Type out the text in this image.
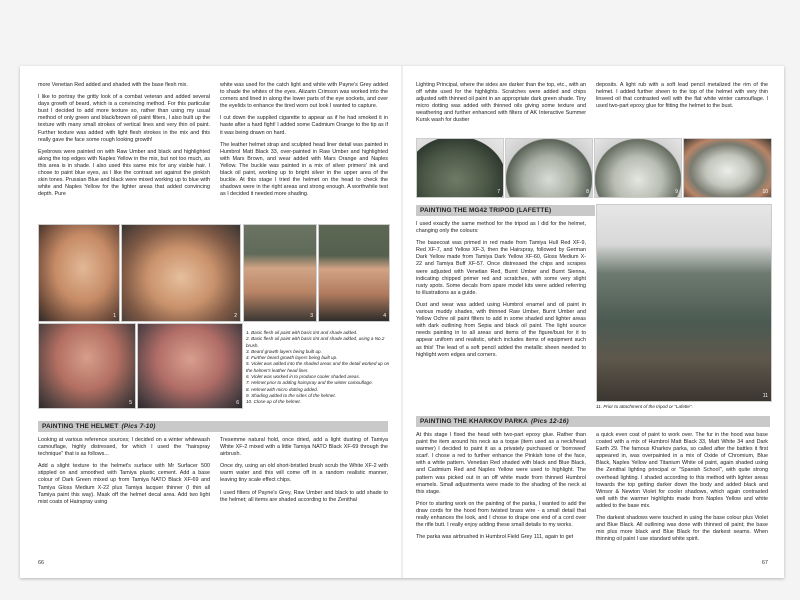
more Venetian Red added and shaded with the base flesh mix.

I like to portray the gritty look of a combat veteran and added several days growth of beard, which is a convincing method. For this particular bust I decided to add more texture so, rather than using my usual method of only green and black/brown oil paint filters, I also built up the texture with many small strokes of vertical lines and very thin oil paint. Further texture was added with light flesh strokes in the mix and this really gave the face some rough looking growth!

Eyebrows were painted on with Raw Umber and black and highlighted along the top edges with Naples Yellow in the mix, but not too much, as this area is in shade. I also used this same mix for any visible hair. I chose to paint blue eyes, as I like the contrast set against the pinkish skin tones. Prussian Blue and black were mixed working up to blue with white and Naples Yellow for the lighter areas that added convincing depth. Pure

white was used for the catch light and white with Payne's Grey added to shade the whites of the eyes. Alizarin Crimson was worked into the corners and lined in along the lower parts of the eye sockets, and over the eyelids to enhance the tired worn out look I wanted to capture.

I cut down the supplied cigarette to appear as if he had smoked it in haste after a hard fight! I added some Cadmium Orange to the tip as if it was being drawn on hard.

The leather helmet strap and sculpted head liner detail was painted in Humbrol Matt Black 33, over-painted in Raw Umber and highlighted with Mars Brown, and wear added with Mars Orange and Naples Yellow. The buckle was painted in a mix of silver primers' ink and black oil paint, working up to bright silver in the upper area of the buckle. At this stage I tried the helmet on the head to check the shadows were in the right areas and strong enough. A worthwhile test as I decided it needed more shading.

1	2	3	4
5	6
1. Basic flesh oil paint with basic tint and shade added.
2. Basic flesh oil paint with basic tint and shade added, using a No.2 brush.
3. Beard growth layers being built up.
4. Further beard growth layers being built up.
5. Violet was added into the shaded areas and the detail worked up on the helmet's leather head liner.
6. Violet was worked in to produce cooler shaded areas.
7. Helmet prior to adding hairspray and the winter camouflage.
8. Helmet with micro dotting added.
9. Shading added to the sides of the helmet.
10. Close up of the helmet.
PAINTING THE HELMET (Pics 7-10)

Looking at various reference sources; I decided on a winter whitewash camouflage, highly distressed, for which I used the "hairspray technique" that is as follows...

Add a slight texture to the helmet's surface with Mr Surfacer 500 stippled on and smoothed with Tamiya plastic cement. Add a base colour of Dark Green mixed up from Tamiya NATO Black XF-69 and Tamiya Gloss Medium X-22 plus Tamiya lacquer thinner (I thin all Tamiya paint this way). Mask off the helmet decal area. Add two light mist coats of Hairspray using

Tresemme natural hold, once dried, add a light dusting of Tamiya White XF-2 mixed with a little Tamiya NATO Black XF-69 through the airbrush.

Once dry, using an old short-bristled brush scrub the White XF-2 with warm water and this will come off in a random realistic manner, leaving tiny scale effect chips.

I used filters of Payne's Grey, Raw Umber and black to add shade to the helmet; all items are shaded according to the Zenithal

66

Lighting Principal, where the sides are darker than the top, etc., with an off white used for the highlights. Scratches were added and chips adjusted with thinned oil paint in an appropriate dark green shade. Tiny micro dotting was added with thinned oils giving some texture and weathering and further enhanced with filters of AK Interactive Summer Kursk wash for dustier

deposits. A light rub with a soft lead pencil metalized the rim of the helmet. I added further sheen to the top of the helmet with very thin linseed oil that contrasted well with the flat white winter camouflage. I used two-part epoxy glue for fitting the helmet to the bust.

7	8	9	10
PAINTING THE MG42 TRIPOD (LAFETTE)

I used exactly the same method for the tripod as I did for the helmet, changing only the colours:

The basecoat was primed in red made from Tamiya Hull Red XF-9, Red XF-7, and Yellow XF-3, then the Hairspray, followed by German Dark Yellow made from Tamiya Dark Yellow XF-60, Gloss Medium X-22 and Tamiya Buff XF-57. Once distressed the chips and scrapes were adjusted with Venetian Red, Burnt Umber and Burnt Sienna, indicating chipped primer red and scratches, with some very slight rusty spots. Some decals from spare model kits were added referring to illustrations as a guide.

Dust and wear was added using Humbrol enamel and oil paint in various muddy shades, with thinned Raw Umber, Burnt Umber and Yellow Ochre oil paint filters to add in some shaded and lighter areas with dark outlining from Sepia and black oil paint. The light source needs painting in to all areas and items of the figure/bust for it to appear uniform and realistic, which includes items of equipment such as this! The lead of a soft pencil added the metallic sheen needed to highlight worn edges and corners.

11
11. Prior to attachment of the tripod or "Lafette".
PAINTING THE KHARKOV PARKA (Pics 12-16)

At this stage I fixed the head with two-part epoxy glue. Rather than paint the item around his neck as a toque (item used as a neck/head warmer) I decided to paint it as a privately purchased or 'borrowed' scarf. I chose a red to further enhance the Pinkish tone of the face, with a white pattern. Venetian Red shaded with black and Blue Black, and Cadmium Red and Naples Yellow were used to highlight. The pattern was picked out in an off white made from thinned Humbrol enamels. Small adjustments were made to the shading of the neck at this stage.

Prior to starting work on the painting of the parka, I wanted to add the draw cords for the hood from twisted brass wire - a small detail that really enhances the look, and I chose to drape one end of a cord over the rifle butt. I really enjoy adding these small details to my works.

The parka was airbrushed in Humbrol Field Grey 111, again to get

a quick even coat of paint to work over. The fur in the hood was base coated with a mix of Humbrol Matt Black 33, Matt White 34 and Dark Earth 29. The famous Kharkov parka, so called after the battles it first appeared in, was overpainted in a mix of Oxide of Chromium, Blue Black, Naples Yellow and Titanium White oil paint, again shaded using the Zenithal lighting principal or "Spanish School", with quite strong overhead lighting. I shaded according to this method with lighter areas towards the top getting darker down the body and added black and Winsor & Newton Violet for cooler shadows, which again contrasted well with the warmer highlights made from Naples Yellow and white added to the base mix.

The darkest shadows were touched in using the base colour plus Violet and Blue Black. All outlining was done with thinned oil paint; the base mix plus more black and Blue Black for the darkest seams. When thinning oil paint I use standard white spirit.

67
